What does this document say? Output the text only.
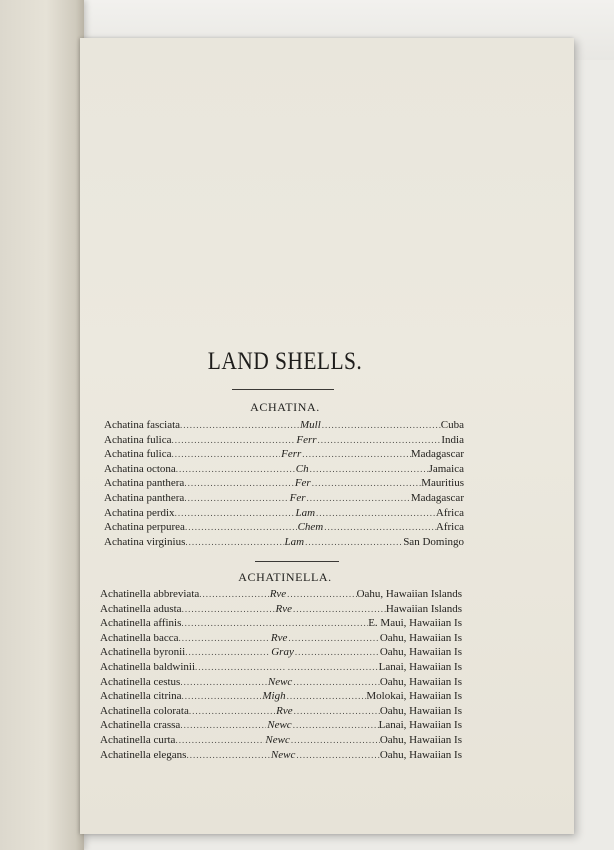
LAND SHELLS.
ACHATINA.
Achatina fasciata .....	Mull .....	Cuba
Achatina fulica .....	Ferr .....	India
Achatina fulica .....	Ferr .....	Madagascar
Achatina octona .....	Ch .....	Jamaica
Achatina panthera .....	Fer .....	Mauritius
Achatina panthera .....	Fer .....	Madagascar
Achatina perdix .....	Lam .....	Africa
Achatina perpurea .....	Chem .....	Africa
Achatina virginius .....	Lam .....	San Domingo
ACHATINELLA.
Achatinella abbreviata .....	Rve .....	Oahu, Hawaiian Islands
Achatinella adusta .....	Rve .....	Hawaiian Islands
Achatinella affinis ..... .....	E. Maui, Hawaiian Is
Achatinella bacca .....	Rve .....	Oahu, Hawaiian Is
Achatinella byronii .....	Gray .....	Oahu, Hawaiian Is
Achatinella baldwinii ..... .....	Lanai, Hawaiian Is
Achatinella cestus .....	Newc .....	Oahu, Hawaiian Is
Achatinella citrina .....	Migh .....	Molokai, Hawaiian Is
Achatinella colorata .....	Rve .....	Oahu, Hawaiian Is
Achatinella crassa .....	Newc .....	Lanai, Hawaiian Is
Achatinella curta .....	Newc .....	Oahu, Hawaiian Is
Achatinella elegans .....	Newc .....	Oahu, Hawaiian Is
